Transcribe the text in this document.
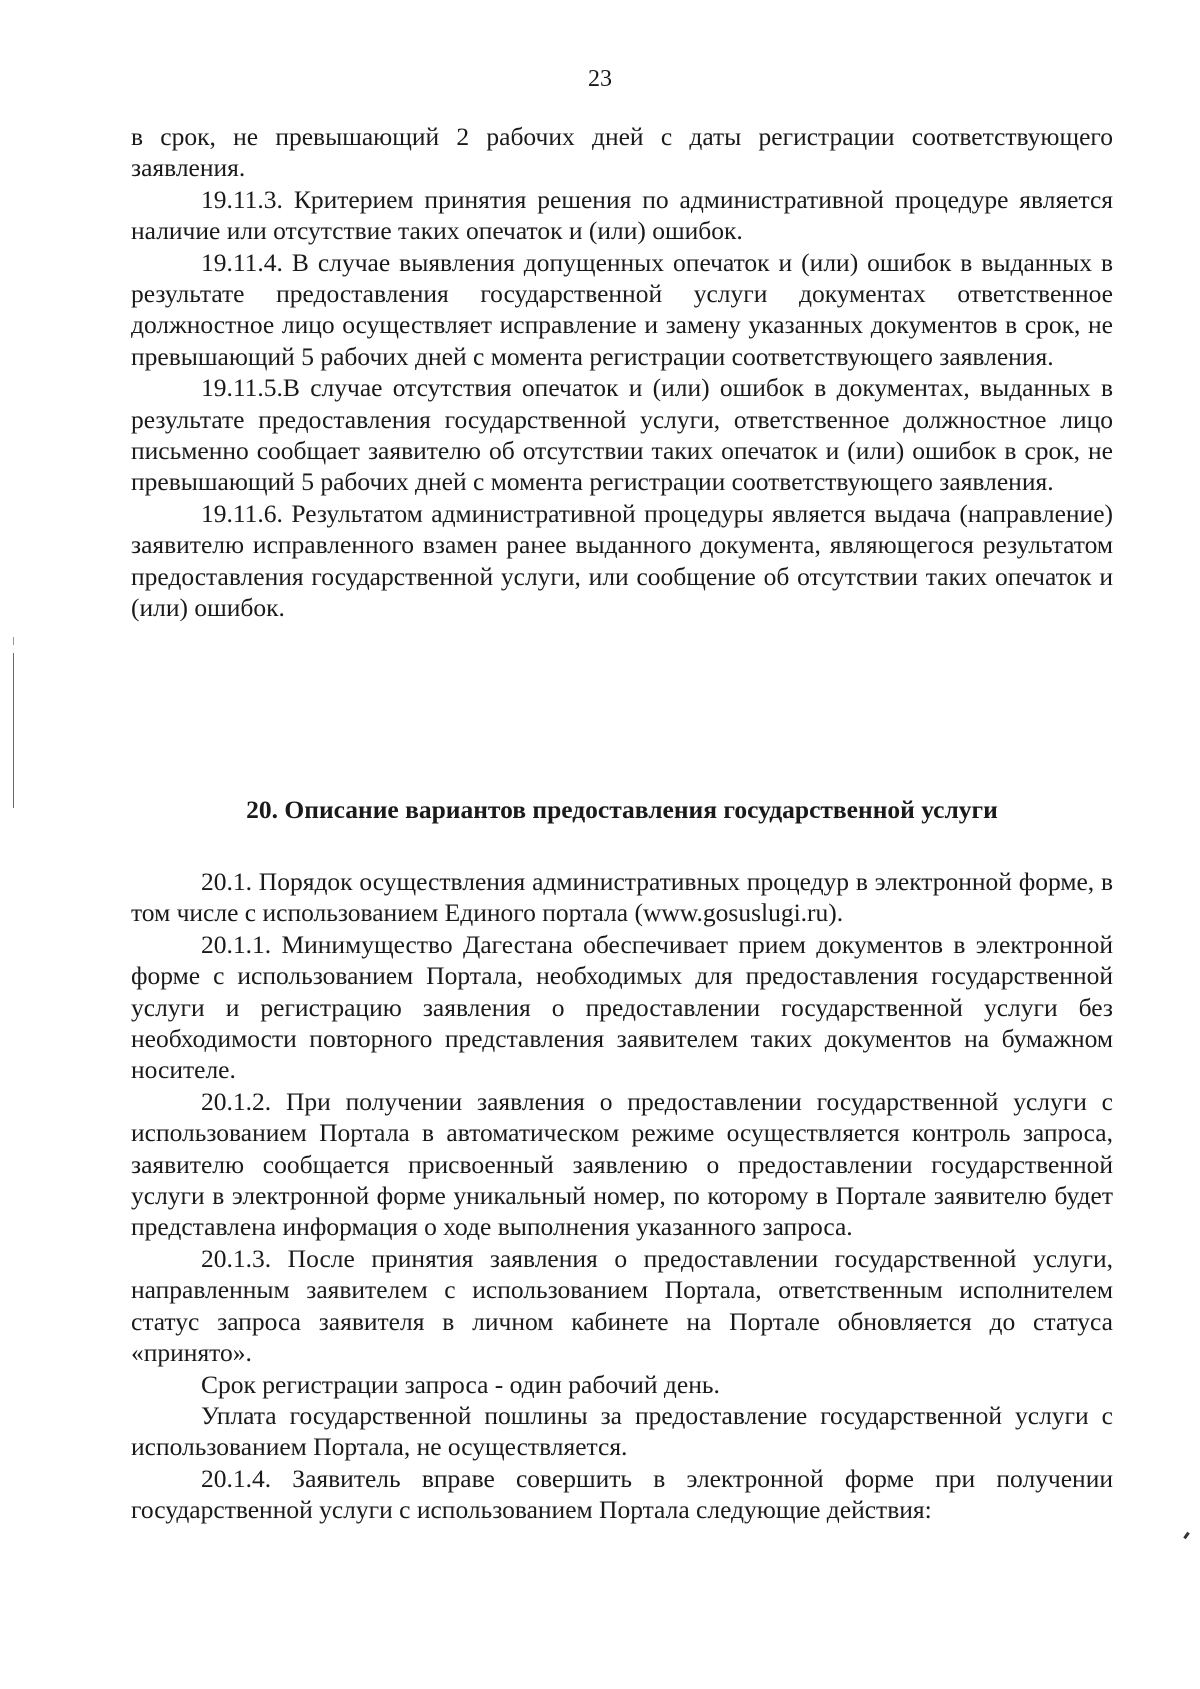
23

в срок, не превышающий 2 рабочих дней с даты регистрации соответствующего заявления.

19.11.3. Критерием принятия решения по административной процедуре является наличие или отсутствие таких опечаток и (или) ошибок.

19.11.4. В случае выявления допущенных опечаток и (или) ошибок в выданных в результате предоставления государственной услуги документах ответственное должностное лицо осуществляет исправление и замену указанных документов в срок, не превышающий 5 рабочих дней с момента регистрации соответствующего заявления.

19.11.5.В случае отсутствия опечаток и (или) ошибок в документах, выданных в результате предоставления государственной услуги, ответственное должностное лицо письменно сообщает заявителю об отсутствии таких опечаток и (или) ошибок в срок, не превышающий 5 рабочих дней с момента регистрации соответствующего заявления.

19.11.6. Результатом административной процедуры является выдача (направление) заявителю исправленного взамен ранее выданного документа, являющегося результатом предоставления государственной услуги, или сообщение об отсутствии таких опечаток и (или) ошибок.

20. Описание вариантов предоставления государственной услуги

20.1. Порядок осуществления административных процедур в электронной форме, в том числе с использованием Единого портала (www.gosuslugi.ru).

20.1.1. Минимущество Дагестана обеспечивает прием документов в электронной форме с использованием Портала, необходимых для предоставления государственной услуги и регистрацию заявления о предоставлении государственной услуги без необходимости повторного представления заявителем таких документов на бумажном носителе.

20.1.2. При получении заявления о предоставлении государственной услуги с использованием Портала в автоматическом режиме осуществляется контроль запроса, заявителю сообщается присвоенный заявлению о предоставлении государственной услуги в электронной форме уникальный номер, по которому в Портале заявителю будет представлена информация о ходе выполнения указанного запроса.

20.1.3. После принятия заявления о предоставлении государственной услуги, направленным заявителем с использованием Портала, ответственным исполнителем статус запроса заявителя в личном кабинете на Портале обновляется до статуса «принято».

Срок регистрации запроса - один рабочий день.

Уплата государственной пошлины за предоставление государственной услуги с использованием Портала, не осуществляется.

20.1.4. Заявитель вправе совершить в электронной форме при получении государственной услуги с использованием Портала следующие действия:
